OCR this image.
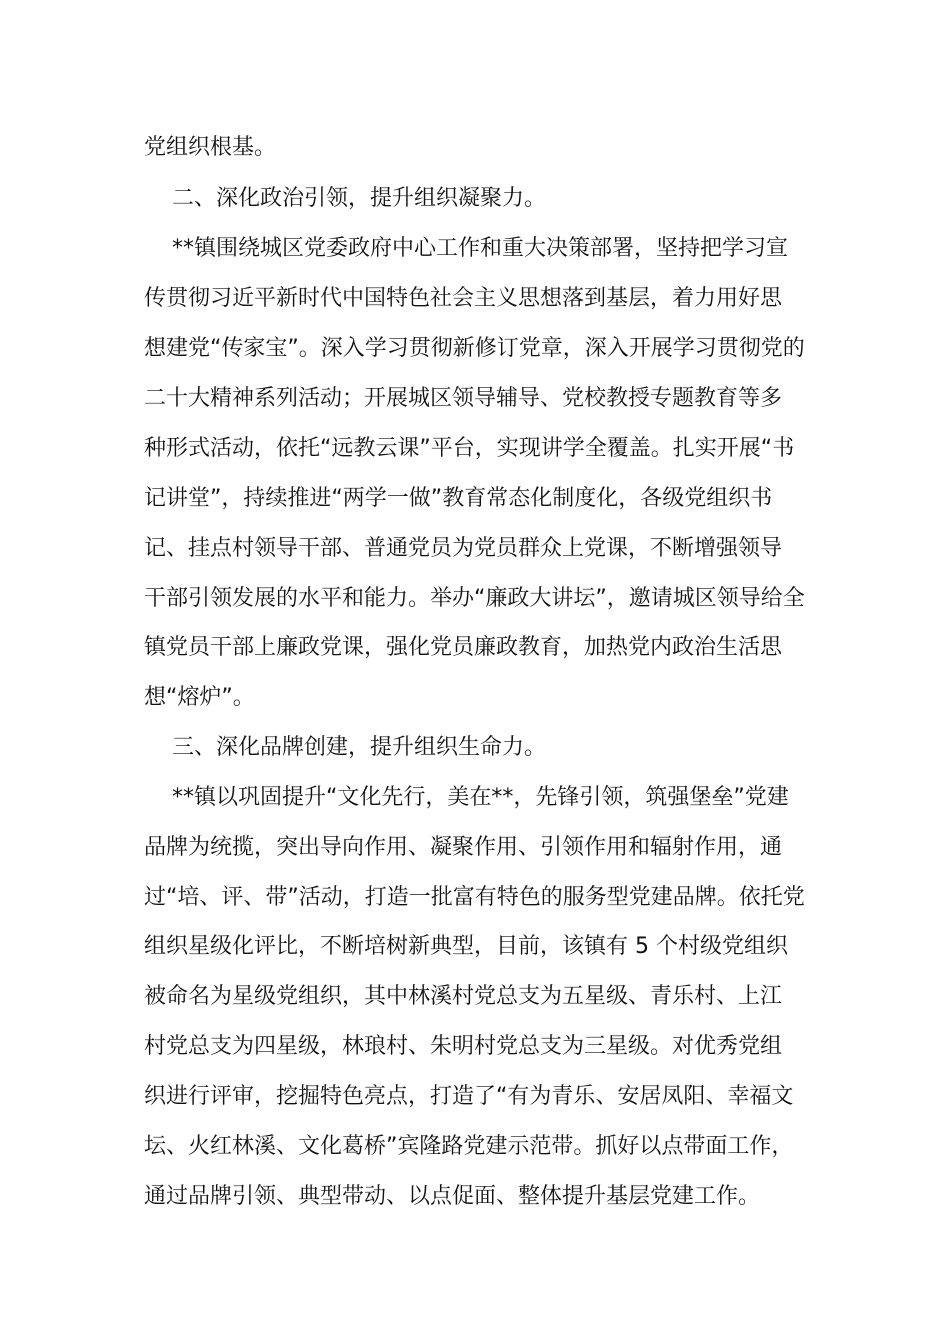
党组织根基。
二、深化政治引领，提升组织凝聚力。
**镇围绕城区党委政府中心工作和重大决策部署，坚持把学习宣
传贯彻习近平新时代中国特色社会主义思想落到基层，着力用好思
想建党“传家宝”。深入学习贯彻新修订党章，深入开展学习贯彻党的
二十大精神系列活动；开展城区领导辅导、党校教授专题教育等多
种形式活动，依托“远教云课”平台，实现讲学全覆盖。扎实开展“书
记讲堂”，持续推进“两学一做”教育常态化制度化，各级党组织书
记、挂点村领导干部、普通党员为党员群众上党课，不断增强领导
干部引领发展的水平和能力。举办“廉政大讲坛”，邀请城区领导给全
镇党员干部上廉政党课，强化党员廉政教育，加热党内政治生活思
想“熔炉”。
三、深化品牌创建，提升组织生命力。
**镇以巩固提升“文化先行，美在**，先锋引领，筑强堡垒”党建
品牌为统揽，突出导向作用、凝聚作用、引领作用和辐射作用，通
过“培、评、带”活动，打造一批富有特色的服务型党建品牌。依托党
组织星级化评比，不断培树新典型，目前，该镇有 5 个村级党组织
被命名为星级党组织，其中林溪村党总支为五星级、青乐村、上江
村党总支为四星级，林琅村、朱明村党总支为三星级。对优秀党组
织进行评审，挖掘特色亮点，打造了“有为青乐、安居凤阳、幸福文
坛、火红林溪、文化葛桥”宾隆路党建示范带。抓好以点带面工作，
通过品牌引领、典型带动、以点促面、整体提升基层党建工作。
